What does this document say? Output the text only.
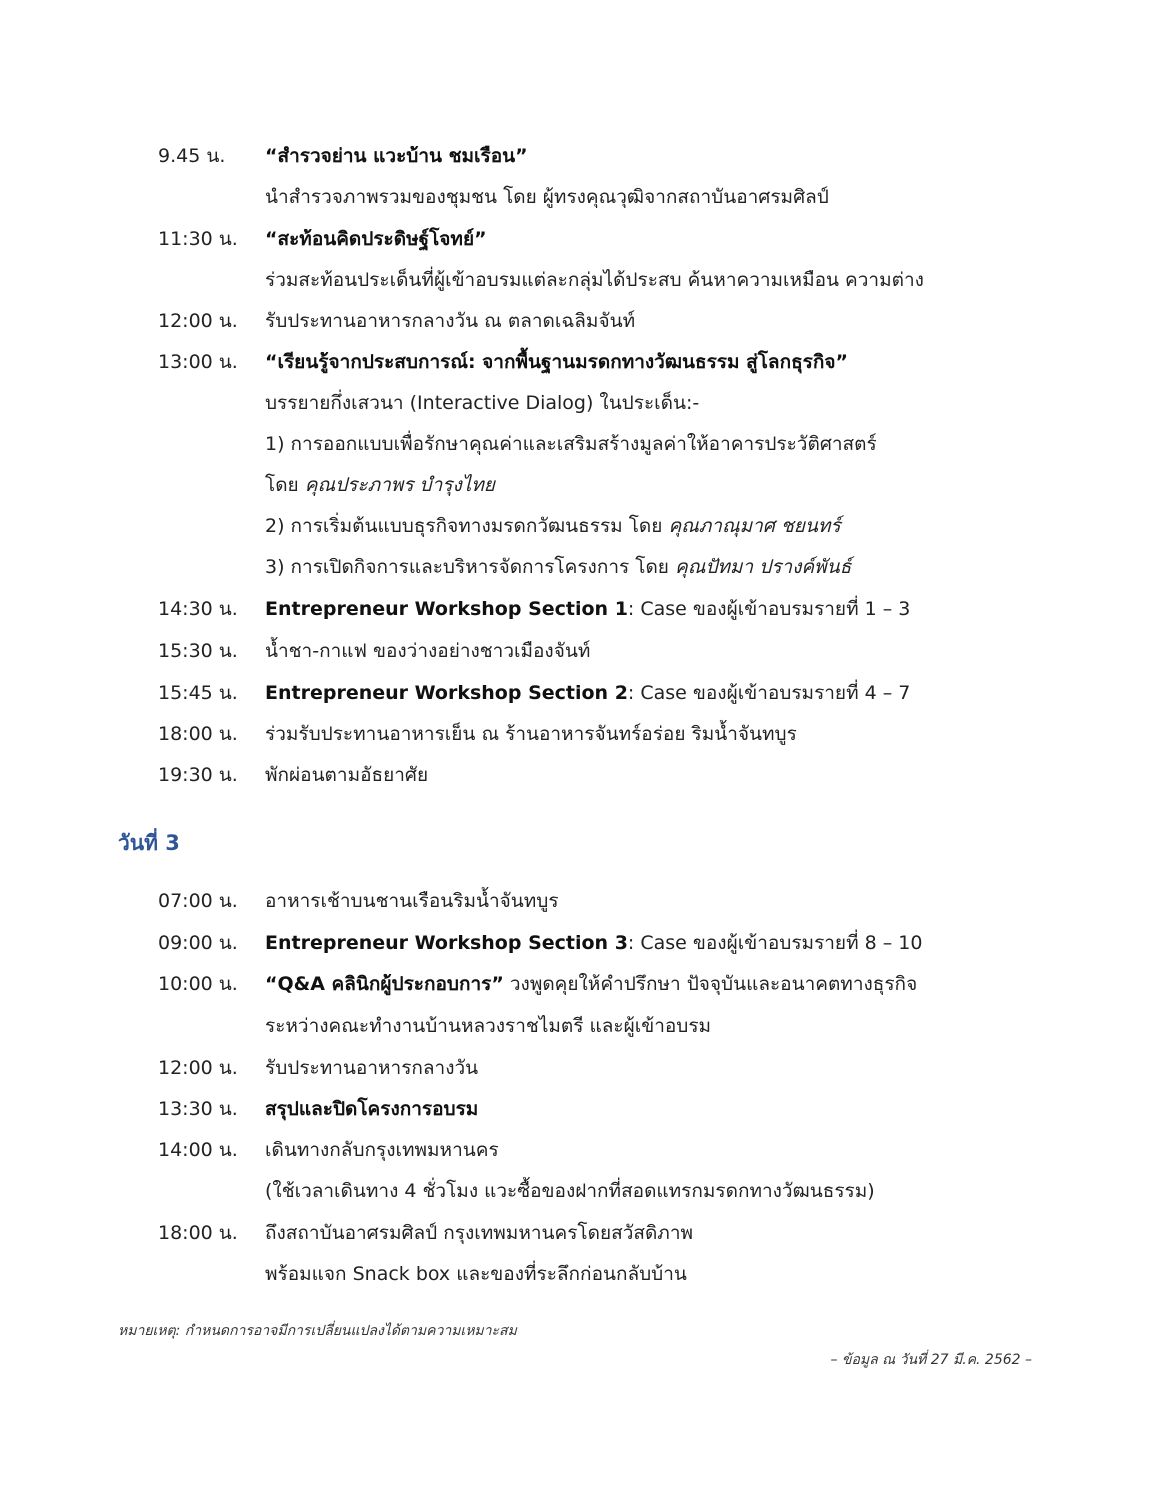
9.45 น. “สำรวจย่าน แวะบ้าน ชมเรือน”
นำสำรวจภาพรวมของชุมชน โดย ผู้ทรงคุณวุฒิจากสถาบันอาศรมศิลป์
11:30 น. “สะท้อนคิดประดิษฐ์โจทย์”
ร่วมสะท้อนประเด็นที่ผู้เข้าอบรมแต่ละกลุ่มได้ประสบ ค้นหาความเหมือน ความต่าง
12:00 น. รับประทานอาหารกลางวัน ณ ตลาดเฉลิมจันท์
13:00 น. “เรียนรู้จากประสบการณ์: จากพื้นฐานมรดกทางวัฒนธรรม สู่โลกธุรกิจ”
บรรยายกึ่งเสวนา (Interactive Dialog) ในประเด็น:-
1) การออกแบบเพื่อรักษาคุณค่าและเสริมสร้างมูลค่าให้อาคารประวัติศาสตร์
โดย คุณประภาพร บำรุงไทย
2) การเริ่มต้นแบบธุรกิจทางมรดกวัฒนธรรม โดย คุณภาณุมาศ ชยนทร์
3) การเปิดกิจการและบริหารจัดการโครงการ โดย คุณปัทมา ปรางค์พันธ์
14:30 น. Entrepreneur Workshop Section 1: Case ของผู้เข้าอบรมรายที่ 1 – 3
15:30 น. น้ำชา-กาแฟ ของว่างอย่างชาวเมืองจันท์
15:45 น. Entrepreneur Workshop Section 2: Case ของผู้เข้าอบรมรายที่ 4 – 7
18:00 น. ร่วมรับประทานอาหารเย็น ณ ร้านอาหารจันทร์อร่อย ริมน้ำจันทบูร
19:30 น. พักผ่อนตามอัธยาศัย
วันที่ 3
07:00 น. อาหารเช้าบนชานเรือนริมน้ำจันทบูร
09:00 น. Entrepreneur Workshop Section 3: Case ของผู้เข้าอบรมรายที่ 8 – 10
10:00 น. “Q&A คลินิกผู้ประกอบการ” วงพูดคุยให้คำปรึกษา ปัจจุบันและอนาคตทางธุรกิจ
ระหว่างคณะทำงานบ้านหลวงราชไมตรี และผู้เข้าอบรม
12:00 น. รับประทานอาหารกลางวัน
13:30 น. สรุปและปิดโครงการอบรม
14:00 น. เดินทางกลับกรุงเทพมหานคร
(ใช้เวลาเดินทาง 4 ชั่วโมง แวะซื้อของฝากที่สอดแทรกมรดกทางวัฒนธรรม)
18:00 น. ถึงสถาบันอาศรมศิลป์ กรุงเทพมหานครโดยสวัสดิภาพ
พร้อมแจก Snack box และของที่ระลึกก่อนกลับบ้าน
หมายเหตุ: กำหนดการอาจมีการเปลี่ยนแปลงได้ตามความเหมาะสม
– ข้อมูล ณ วันที่ 27 มี.ค. 2562 –
